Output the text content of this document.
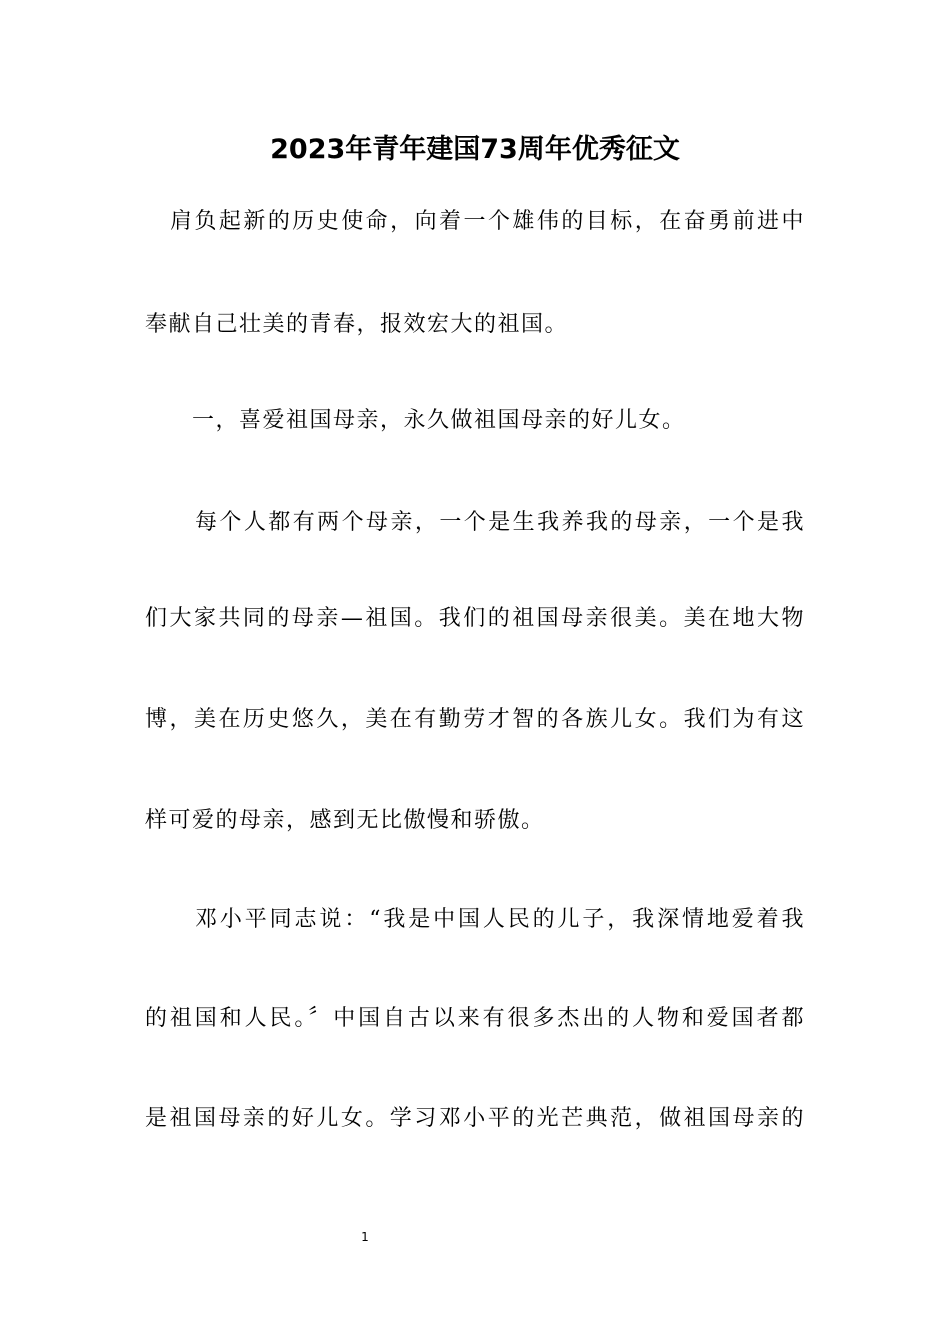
2023年青年建国73周年优秀征文
肩负起新的历史使命，向着一个雄伟的目标，在奋勇前进中
奉献自己壮美的青春，报效宏大的祖国。
一，喜爱祖国母亲，永久做祖国母亲的好儿女。
每个人都有两个母亲，一个是生我养我的母亲，一个是我
们大家共同的母亲—祖国。我们的祖国母亲很美。美在地大物
博，美在历史悠久，美在有勤劳才智的各族儿女。我们为有这
样可爱的母亲，感到无比傲慢和骄傲。
邓小平同志说：“我是中国人民的儿子，我深情地爱着我
的祖国和人民。〞中国自古以来有很多杰出的人物和爱国者都
是祖国母亲的好儿女。学习邓小平的光芒典范，做祖国母亲的
1
